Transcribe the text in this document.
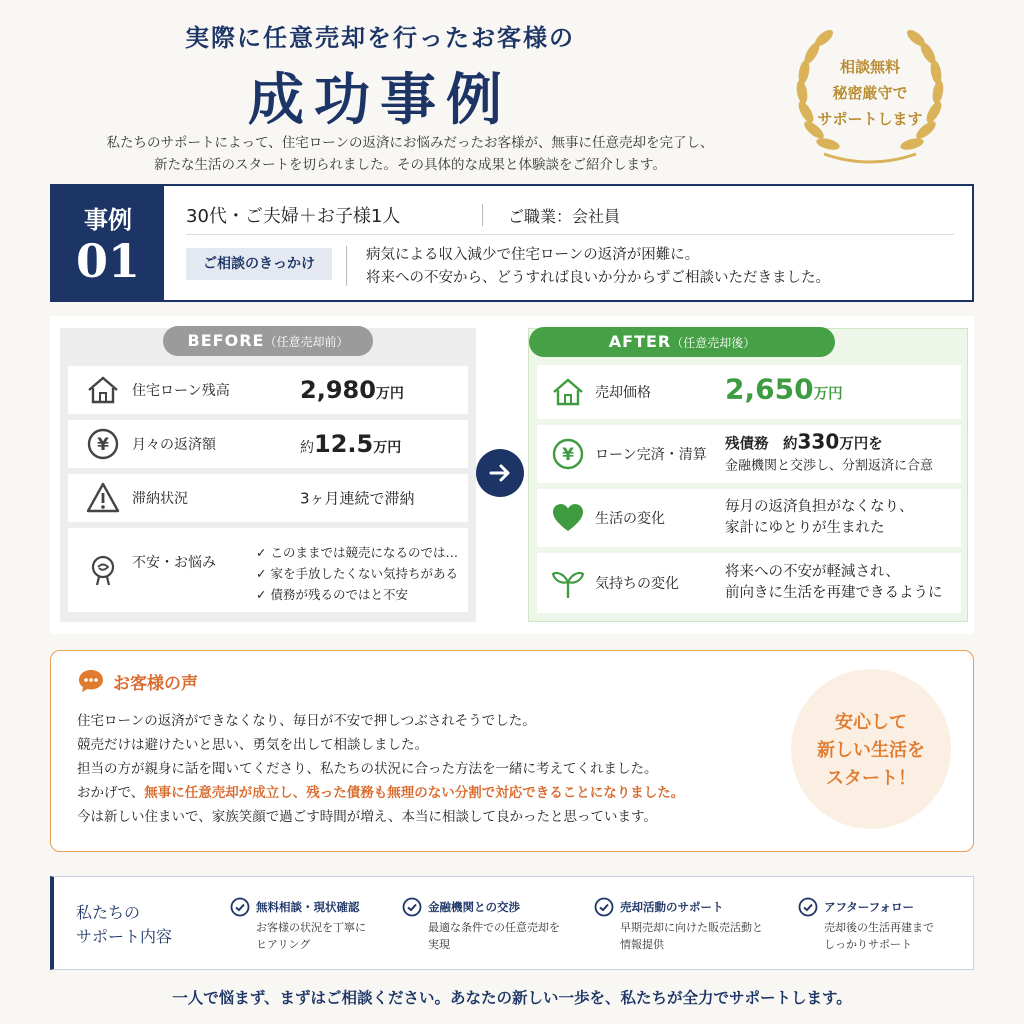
実際に任意売却を行ったお客様の
成功事例
私たちのサポートによって、住宅ローンの返済にお悩みだったお客様が、無事に任意売却を完了し、
新たな生活のスタートを切られました。その具体的な成果と体験談をご紹介します。
相談無料
秘密厳守で
サポートします
事例
01
30代・ご夫婦＋お子様1人	ご職業：会社員
ご相談のきっかけ
病気による収入減少で住宅ローンの返済が困難に。
将来への不安から、どうすれば良いか分からずご相談いただきました。
BEFORE（任意売却前）
住宅ローン残高	2,980万円
¥ 月々の返済額	約12.5万円
滞納状況	3ヶ月連続で滞納
不安・お悩み
✓ このままでは競売になるのでは…
✓ 家を手放したくない気持ちがある
✓ 債務が残るのではと不安
AFTER（任意売却後）
売却価格	2,650万円
¥ ローン完済・清算
残債務　約330万円を
金融機関と交渉し、分割返済に合意
生活の変化
毎月の返済負担がなくなり、
家計にゆとりが生まれた
気持ちの変化
将来への不安が軽減され、
前向きに生活を再建できるように
お客様の声
住宅ローンの返済ができなくなり、毎日が不安で押しつぶされそうでした。
競売だけは避けたいと思い、勇気を出して相談しました。
担当の方が親身に話を聞いてくださり、私たちの状況に合った方法を一緒に考えてくれました。
おかげで、無事に任意売却が成立し、残った債務も無理のない分割で対応できることになりました。
今は新しい住まいで、家族笑顔で過ごす時間が増え、本当に相談して良かったと思っています。
安心して
新しい生活を
スタート！
私たちの
サポート内容
無料相談・現状確認
お客様の状況を丁寧に
ヒアリング
金融機関との交渉
最適な条件での任意売却を
実現
売却活動のサポート
早期売却に向けた販売活動と
情報提供
アフターフォロー
売却後の生活再建まで
しっかりサポート
一人で悩まず、まずはご相談ください。あなたの新しい一歩を、私たちが全力でサポートします。
